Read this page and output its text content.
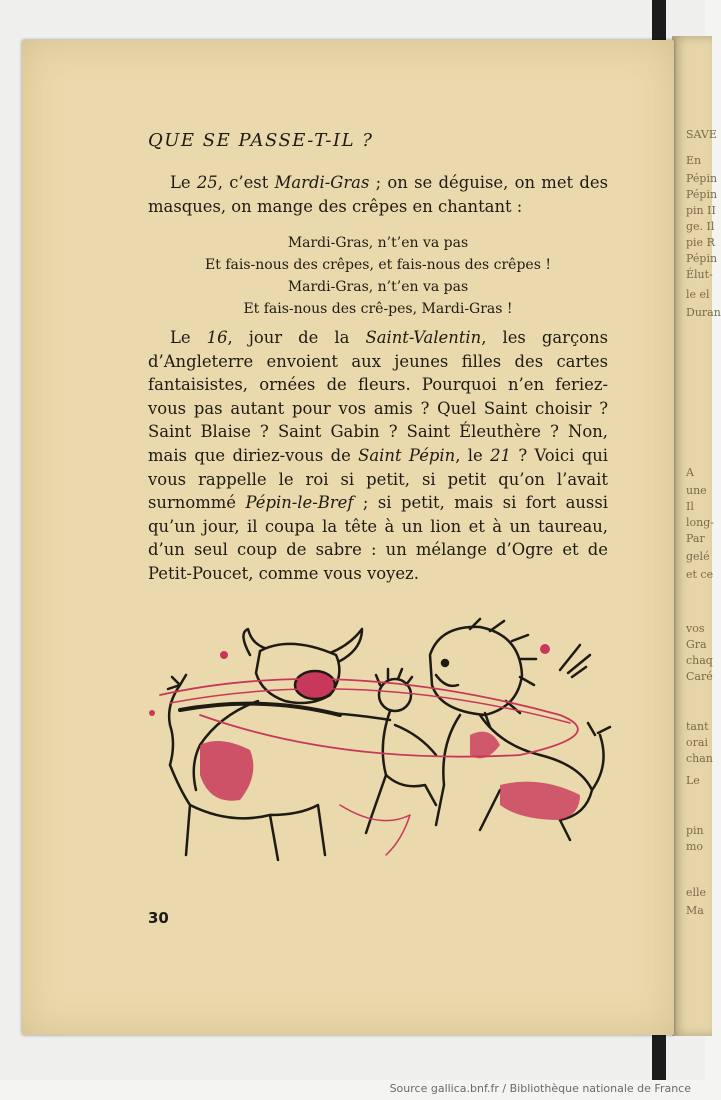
SAVE
En
Pépin
Pépin
pin II
ge. Il
pie R
Pépin
Élut-
le el
Duran
A
une
Il
long-
Par
gelé
et ce
vos
Gra
chaq
Caré
tant
orai
chan
Le
pin
mo
elle
Ma
QUE SE PASSE-T-IL ?

Le 25, c’est Mardi-Gras ; on se déguise, on met des masques, on mange des crêpes en chantant :

Mardi-Gras, n’t’en va pas
Et fais-nous des crêpes, et fais-nous des crêpes !
Mardi-Gras, n’t’en va pas
Et fais-nous des crê-pes, Mardi-Gras !

Le 16, jour de la Saint-Valentin, les garçons d’Angleterre envoient aux jeunes filles des cartes fantaisistes, ornées de fleurs. Pourquoi n’en feriez-vous pas autant pour vos amis ? Quel Saint choisir ? Saint Blaise ? Saint Gabin ? Saint Éleuthère ? Non, mais que diriez-vous de Saint Pépin, le 21 ? Voici qui vous rappelle le roi si petit, si petit qu’on l’avait surnommé Pépin-le-Bref ; si petit, mais si fort aussi qu’un jour, il coupa la tête à un lion et à un taureau, d’un seul coup de sabre : un mélange d’Ogre et de Petit-Poucet, comme vous voyez.

30
Source gallica.bnf.fr / Bibliothèque nationale de France
